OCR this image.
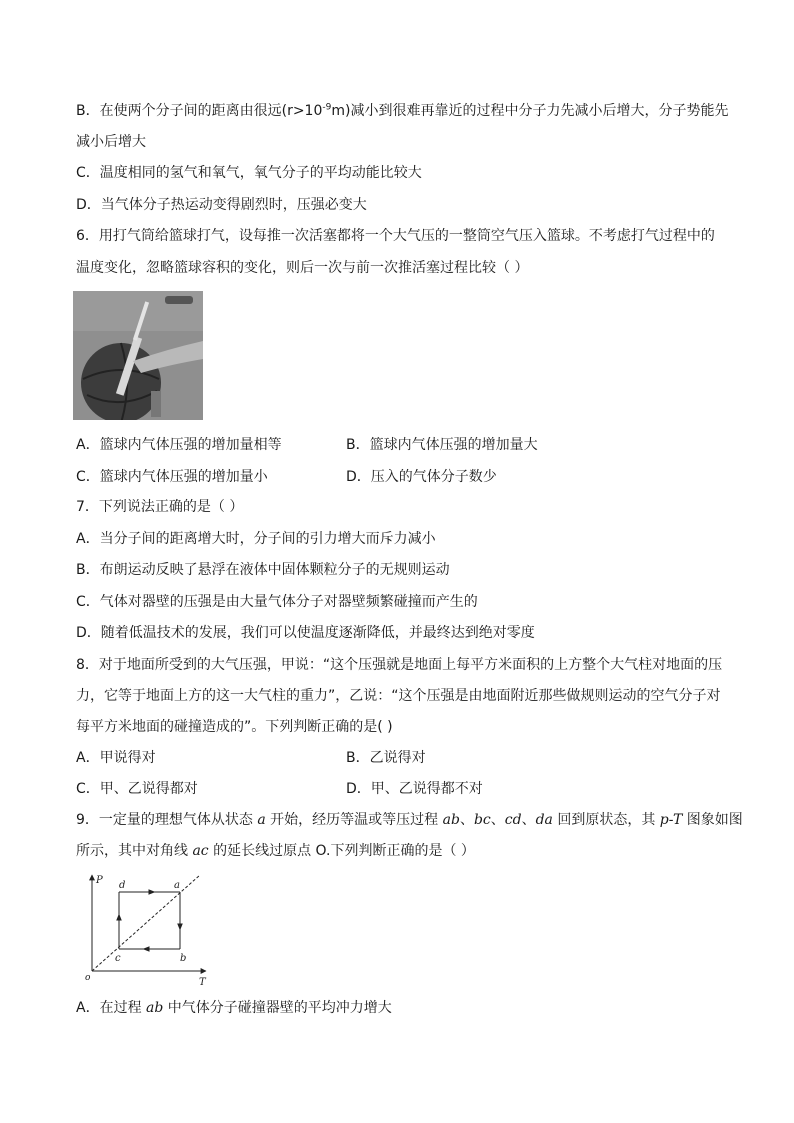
B．在使两个分子间的距离由很远$(r>10^{-9}m)$减小到很难再靠近的过程中分子力先减小后增大，分子势能先
减小后增大
C．温度相同的氢气和氧气，氧气分子的平均动能比较大
D．当气体分子热运动变得剧烈时，压强必变大
6．用打气筒给篮球打气，设每推一次活塞都将一个大气压的一整筒空气压入篮球。不考虑打气过程中的
温度变化，忽略篮球容积的变化，则后一次与前一次推活塞过程比较（ ）
A．篮球内气体压强的增加量相等	B．篮球内气体压强的增加量大
C．篮球内气体压强的增加量小	D．压入的气体分子数少
7．下列说法正确的是（ ）
A．当分子间的距离增大时，分子间的引力增大而斥力减小
B．布朗运动反映了悬浮在液体中固体颗粒分子的无规则运动
C．气体对器壁的压强是由大量气体分子对器壁频繁碰撞而产生的
D．随着低温技术的发展，我们可以使温度逐渐降低，并最终达到绝对零度
8．对于地面所受到的大气压强，甲说：“这个压强就是地面上每平方米面积的上方整个大气柱对地面的压
力，它等于地面上方的这一大气柱的重力”，乙说：“这个压强是由地面附近那些做规则运动的空气分子对
每平方米地面的碰撞造成的”。下列判断正确的是( )
A．甲说得对	B．乙说得对
C．甲、乙说得都对	D．甲、乙说得都不对
9．一定量的理想气体从状态 a 开始，经历等温或等压过程 ab、bc、cd、da 回到原状态，其 p-T 图象如图
所示，其中对角线 ac 的延长线过原点 O.下列判断正确的是（ ）
P
T
o
d	a
c	b
A．在过程 ab 中气体分子碰撞器壁的平均冲力增大
